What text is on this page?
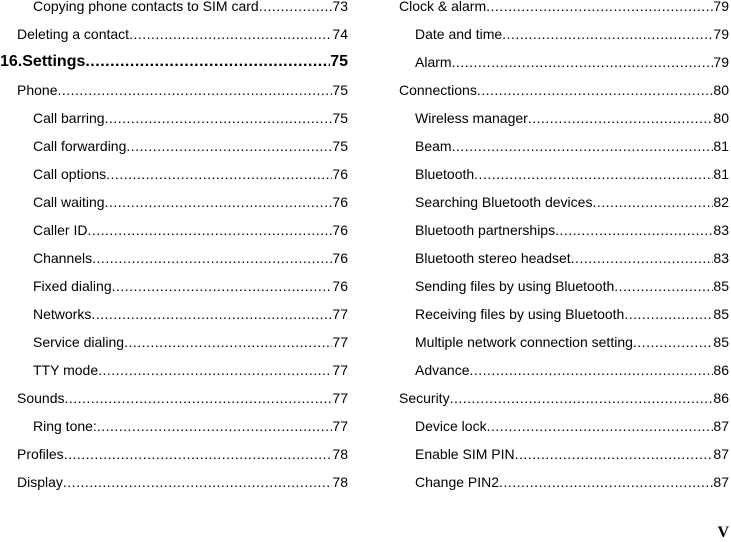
Copying phone contacts to SIM card .....	73
Deleting a contact .....	74
16.Settings .....	75
Phone .....	75
Call barring .....	75
Call forwarding .....	75
Call options .....	76
Call waiting .....	76
Caller ID .....	76
Channels .....	76
Fixed dialing .....	76
Networks .....	77
Service dialing .....	77
TTY mode .....	77
Sounds .....	77
Ring tone: .....	77
Profiles .....	78
Display .....	78
Clock & alarm .....	79
Date and time .....	79
Alarm .....	79
Connections .....	80
Wireless manager .....	80
Beam .....	81
Bluetooth .....	81
Searching Bluetooth devices .....	82
Bluetooth partnerships .....	83
Bluetooth stereo headset .....	83
Sending files by using Bluetooth .....	85
Receiving files by using Bluetooth .....	85
Multiple network connection setting .....	85
Advance .....	86
Security .....	86
Device lock .....	87
Enable SIM PIN .....	87
Change PIN2 .....	87
V
